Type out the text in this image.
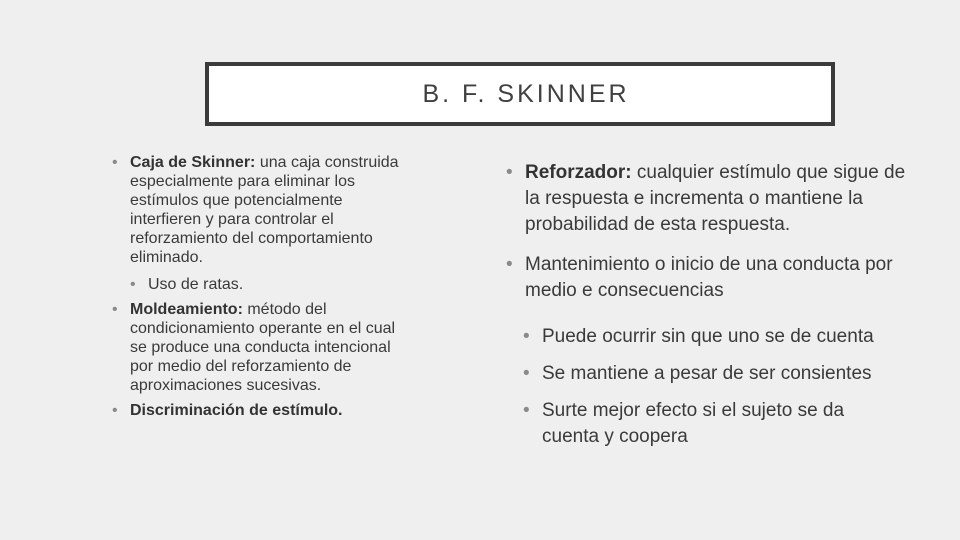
B. F. SKINNER
• Caja de Skinner: una caja construida especialmente para eliminar los estímulos que potencialmente interfieren y para controlar el reforzamiento del comportamiento eliminado.
• Uso de ratas.
• Moldeamiento: método del condicionamiento operante en el cual se produce una conducta intencional por medio del reforzamiento de aproximaciones sucesivas.
• Discriminación de estímulo.
• Reforzador: cualquier estímulo que sigue de la respuesta e incrementa o mantiene la probabilidad de esta respuesta.
• Mantenimiento o inicio de una conducta por medio e consecuencias
• Puede ocurrir sin que uno se de cuenta
• Se mantiene a pesar de ser consientes
• Surte mejor efecto si el sujeto se da cuenta y coopera
